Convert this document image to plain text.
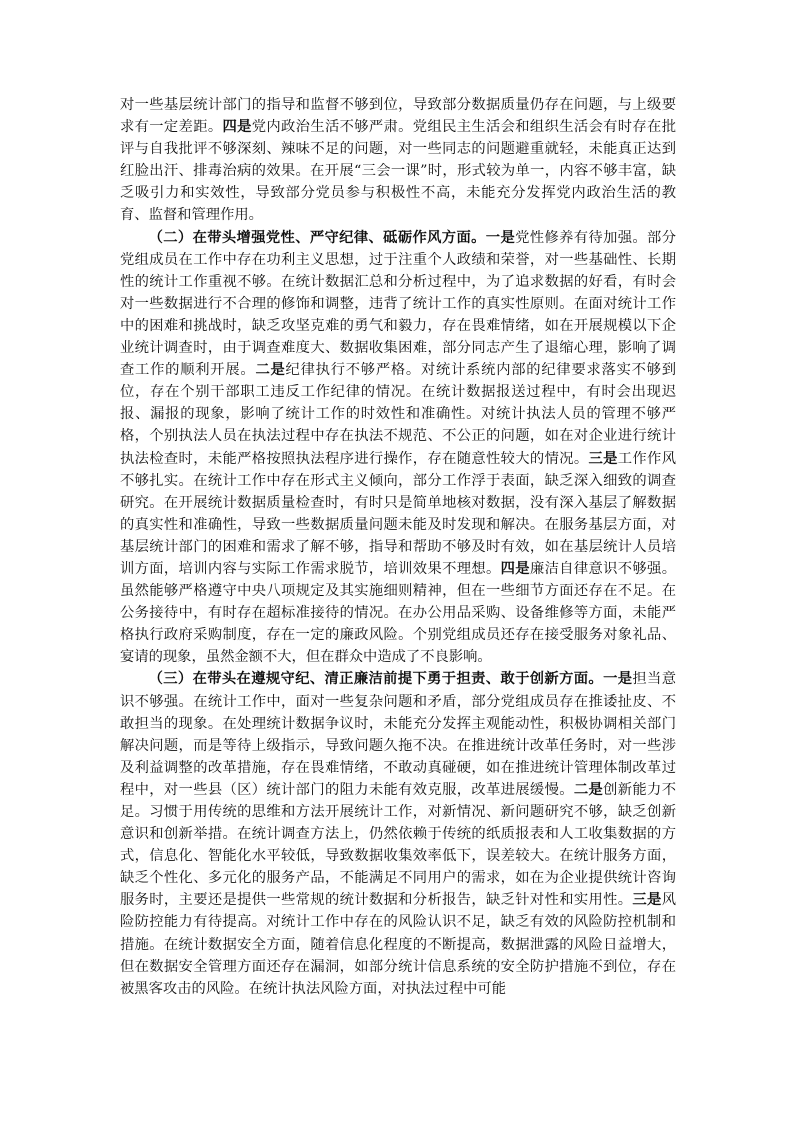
对一些基层统计部门的指导和监督不够到位，导致部分数据质量仍存在问题，与上级要求有一定差距。四是党内政治生活不够严肃。党组民主生活会和组织生活会有时存在批评与自我批评不够深刻、辣味不足的问题，对一些同志的问题避重就轻，未能真正达到红脸出汗、排毒治病的效果。在开展“三会一课”时，形式较为单一，内容不够丰富，缺乏吸引力和实效性，导致部分党员参与积极性不高，未能充分发挥党内政治生活的教育、监督和管理作用。

（二）在带头增强党性、严守纪律、砥砺作风方面。一是党性修养有待加强。部分党组成员在工作中存在功利主义思想，过于注重个人政绩和荣誉，对一些基础性、长期性的统计工作重视不够。在统计数据汇总和分析过程中，为了追求数据的好看，有时会对一些数据进行不合理的修饰和调整，违背了统计工作的真实性原则。在面对统计工作中的困难和挑战时，缺乏攻坚克难的勇气和毅力，存在畏难情绪，如在开展规模以下企业统计调查时，由于调查难度大、数据收集困难，部分同志产生了退缩心理，影响了调查工作的顺利开展。二是纪律执行不够严格。对统计系统内部的纪律要求落实不够到位，存在个别干部职工违反工作纪律的情况。在统计数据报送过程中，有时会出现迟报、漏报的现象，影响了统计工作的时效性和准确性。对统计执法人员的管理不够严格，个别执法人员在执法过程中存在执法不规范、不公正的问题，如在对企业进行统计执法检查时，未能严格按照执法程序进行操作，存在随意性较大的情况。三是工作作风不够扎实。在统计工作中存在形式主义倾向，部分工作浮于表面，缺乏深入细致的调查研究。在开展统计数据质量检查时，有时只是简单地核对数据，没有深入基层了解数据的真实性和准确性，导致一些数据质量问题未能及时发现和解决。在服务基层方面，对基层统计部门的困难和需求了解不够，指导和帮助不够及时有效，如在基层统计人员培训方面，培训内容与实际工作需求脱节，培训效果不理想。四是廉洁自律意识不够强。虽然能够严格遵守中央八项规定及其实施细则精神，但在一些细节方面还存在不足。在公务接待中，有时存在超标准接待的情况。在办公用品采购、设备维修等方面，未能严格执行政府采购制度，存在一定的廉政风险。个别党组成员还存在接受服务对象礼品、宴请的现象，虽然金额不大，但在群众中造成了不良影响。

（三）在带头在遵规守纪、清正廉洁前提下勇于担责、敢于创新方面。一是担当意识不够强。在统计工作中，面对一些复杂问题和矛盾，部分党组成员存在推诿扯皮、不敢担当的现象。在处理统计数据争议时，未能充分发挥主观能动性，积极协调相关部门解决问题，而是等待上级指示，导致问题久拖不决。在推进统计改革任务时，对一些涉及利益调整的改革措施，存在畏难情绪，不敢动真碰硬，如在推进统计管理体制改革过程中，对一些县（区）统计部门的阻力未能有效克服，改革进展缓慢。二是创新能力不足。习惯于用传统的思维和方法开展统计工作，对新情况、新问题研究不够，缺乏创新意识和创新举措。在统计调查方法上，仍然依赖于传统的纸质报表和人工收集数据的方式，信息化、智能化水平较低，导致数据收集效率低下，误差较大。在统计服务方面，缺乏个性化、多元化的服务产品，不能满足不同用户的需求，如在为企业提供统计咨询服务时，主要还是提供一些常规的统计数据和分析报告，缺乏针对性和实用性。三是风险防控能力有待提高。对统计工作中存在的风险认识不足，缺乏有效的风险防控机制和措施。在统计数据安全方面，随着信息化程度的不断提高，数据泄露的风险日益增大，但在数据安全管理方面还存在漏洞，如部分统计信息系统的安全防护措施不到位，存在被黑客攻击的风险。在统计执法风险方面，对执法过程中可能
